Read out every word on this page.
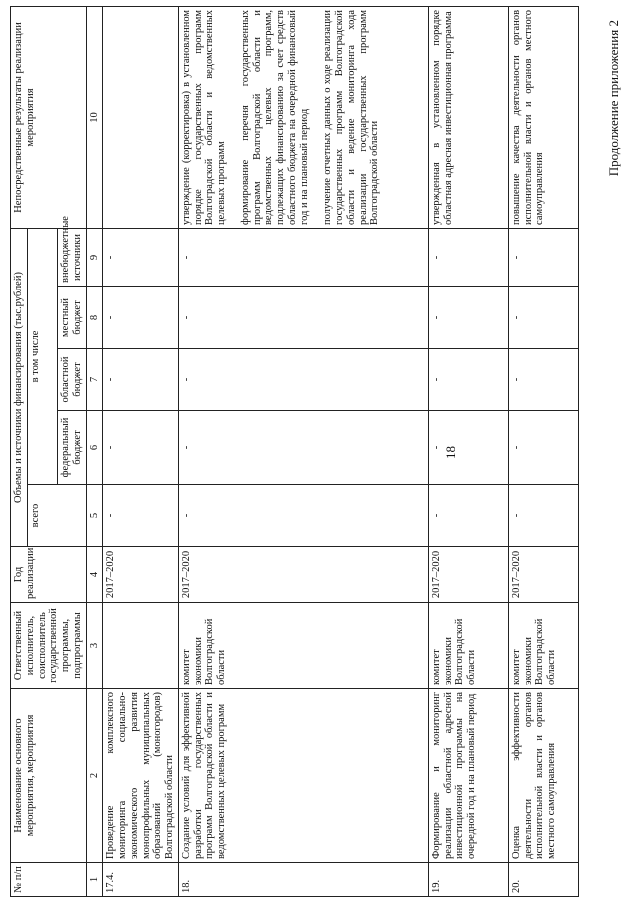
18
№ п/п	Наименование основного мероприятия, мероприятия	Ответственный исполнитель, соисполнитель государственной программы, подпрограммы	Год реализации	Объемы и источники финансирования (тыс.рублей)					Непосредственные результаты реализации мероприятия
				всего	в том числе				
					федеральный бюджет	областной бюджет	местный бюджет	внебюджетные источники	
1	2	3	4	5	6	7	8	9	10
17.4.	Проведение комплексного мониторинга социально-экономического развития монопрофильных муниципальных образований (моногородов) Волгоградской области		2017–2020	-	-	-	-	-	
18.	Создание условий для эффективной разработки государственных программ Волгоградской области и ведомственных целевых программ	комитет экономики Волгоградской области	2017–2020	-	-	-	-	-	утверждение (корректировка) в установленном порядке государственных программ Волгоградской области и ведомственных целевых программ формирование перечня государственных программ Волгоградской области и ведомственных целевых программ, подлежащих финансированию за счет средств областного бюджета на очередной финансовый год и на плановый период получение отчетных данных о ходе реализации государственных программ Волгоградской области и ведение мониторинга хода реализации государственных программ Волгоградской области

19.	Формирование и мониторинг реализации областной адресной инвестиционной программы на очередной год и на плановый период	комитет экономики Волгоградской области	2017–2020	-	-	-	-	-	утвержденная в установленном порядке областная адресная инвестиционная программа

20.	Оценка эффективности деятельности органов исполнительной власти и органов местного самоуправления	комитет экономики Волгоградской области	2017–2020	-	-	-	-	-	повышение качества деятельности органов исполнительной власти и органов местного самоуправления
Продолжение приложения 2
